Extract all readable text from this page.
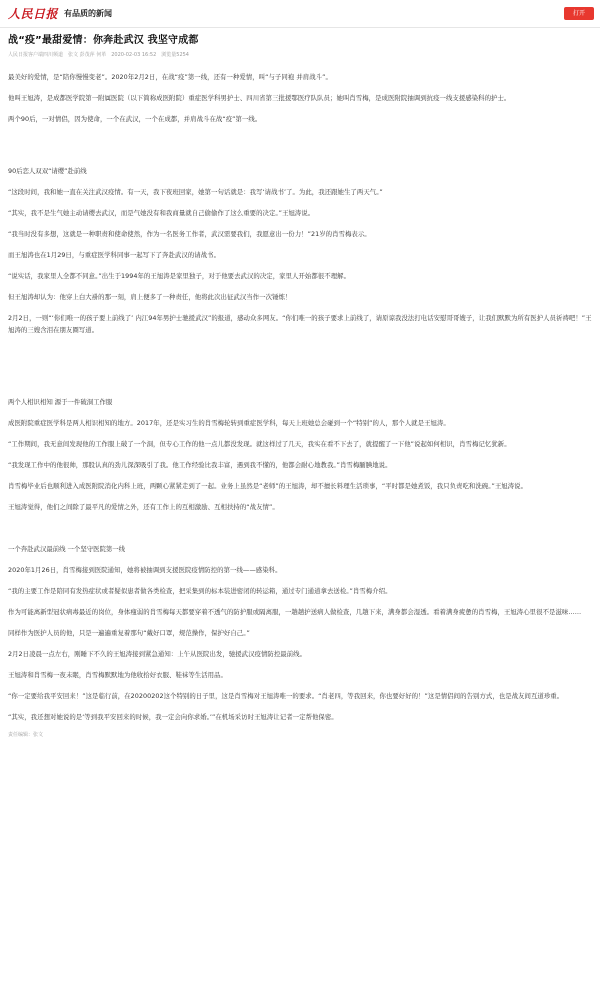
人民日报 有品质的新闻	打开
战“疫”最甜爱情：你奔赴武汉 我坚守成都
人民日报客户端四川频道 张文 彭茂萍 何革 2020-02-03 16:52 浏览量5254

最美好的爱情，是“陪你慢慢变老”。2020年2月2日，在战“疫”第一线，还有一种爱情，叫“与子同袍 并肩战斗”。

他叫王旭涛，是成都医学院第一附属医院（以下简称成医附院）重症医学科男护士、四川省第三批援鄂医疗队队员；她叫肖雪梅，是成医附院抽调到抗疫一线支援感染科的护士。

两个90后，一对情侣，因为使命，一个在武汉，一个在成都，并肩战斗在战“疫”第一线。

90后恋人双双“请缨”赴前线

“这段时间，我和她一直在关注武汉疫情。有一天，我下夜班回家，她第一句话就是：我写‘请战书’了。为此，我还跟她生了两天气。”

“其实，我不是生气她主动请缨去武汉，而是气她没有和我商量就自己偷偷作了这么重要的决定。”王旭涛说。

“我当时没有多想，这就是一种职责和使命使然，作为一名医务工作者，武汉需要我们，我愿意出一份力！”21岁的肖雪梅表示。

而王旭涛也在1月29日，与重症医学科同事一起写下了奔赴武汉的请战书。

“说实话，我家里人全都不同意。”出生于1994年的王旭涛是家里独子，对于他要去武汉的决定，家里人开始都很不理解。

但王旭涛却认为：他穿上白大褂的那一刻，肩上便多了一种责任，他将此次出征武汉当作一次锤炼！

2月2日，一则“‘你们唯一的孩子要上前线了’ 内江94年男护士驰援武汉”的报道，感动众多网友。“你们唯一的孩子要求上前线了，请原谅我没法打电话安慰哥哥嫂子，让我们默默为所有医护人员祈祷吧！”王旭涛的三嫂含泪在朋友圈写道。

两个人相识相知 源于一件破洞工作服

成医附院重症医学科是两人相识相知的地方。2017年，还是实习生的肖雪梅轮转到重症医学科，每天上班她总会碰到一个“特别”的人，那个人就是王旭涛。

“工作期间，我无意间发现他的工作服上破了一个洞，但专心工作的他一点儿都没发现。就这样过了几天，我实在看不下去了，就提醒了一下他”说起如何相识，肖雪梅记忆犹新。

“我发现工作中的他很帅，那股认真的劲儿深深吸引了我。他工作经验比我丰富，遇到我不懂的，他都会耐心地教我。”肖雪梅腼腆地说。

肖雪梅毕业后也顺利进入成医附院消化内科上班，两颗心紧紧走到了一起。业务上虽然是“老师”的王旭涛，却不擅长料理生活琐事，“平时都是她煮饭，我只负责吃和洗碗。”王旭涛说。

王旭涛觉得，他们之间除了最平凡的爱情之外，还有工作上的互相激励、互相扶持的“战友情”。

一个奔赴武汉最前线 一个坚守医院第一线

2020年1月26日，肖雪梅接到医院通知，她将被抽调到支援医院疫情防控的第一线——感染科。

“我的主要工作是陪同有发热症状或者疑似患者做各类检查，把采集到的标本装进密闭的转运箱，通过专门通道拿去送检。”肖雪梅介绍。

作为可能离新型冠状病毒最近的岗位，身体瘦弱的肖雪梅每天都要穿着不透气的防护服或隔离服，一趟趟护送病人做检查，几趟下来，满身都会湿透。看着满身疲惫的肖雪梅，王旭涛心里很不是滋味……

同样作为医护人员的他，只是一遍遍重复着那句“戴好口罩，规范操作，保护好自己。”

2月2日凌晨一点左右，刚睡下不久的王旭涛接到紧急通知：上午从医院出发，驰援武汉疫情防控最前线。

王旭涛和肖雪梅一夜未眠，肖雪梅默默地为他收拾好衣服、鞋袜等生活用品。

“你一定要给我平安回来！”这是临行前，在20200202这个特别的日子里，这是肖雪梅对王旭涛唯一的要求。“肖老四，等我回来，你也要好好的！”这是情侣间的告别方式，也是战友间互道珍重。

“其实，我还想对她说的是‘等到我平安回来的时候，我一定会向你求婚。’”在机场采访时王旭涛让记者一定帮他保密。

责任编辑：张文
